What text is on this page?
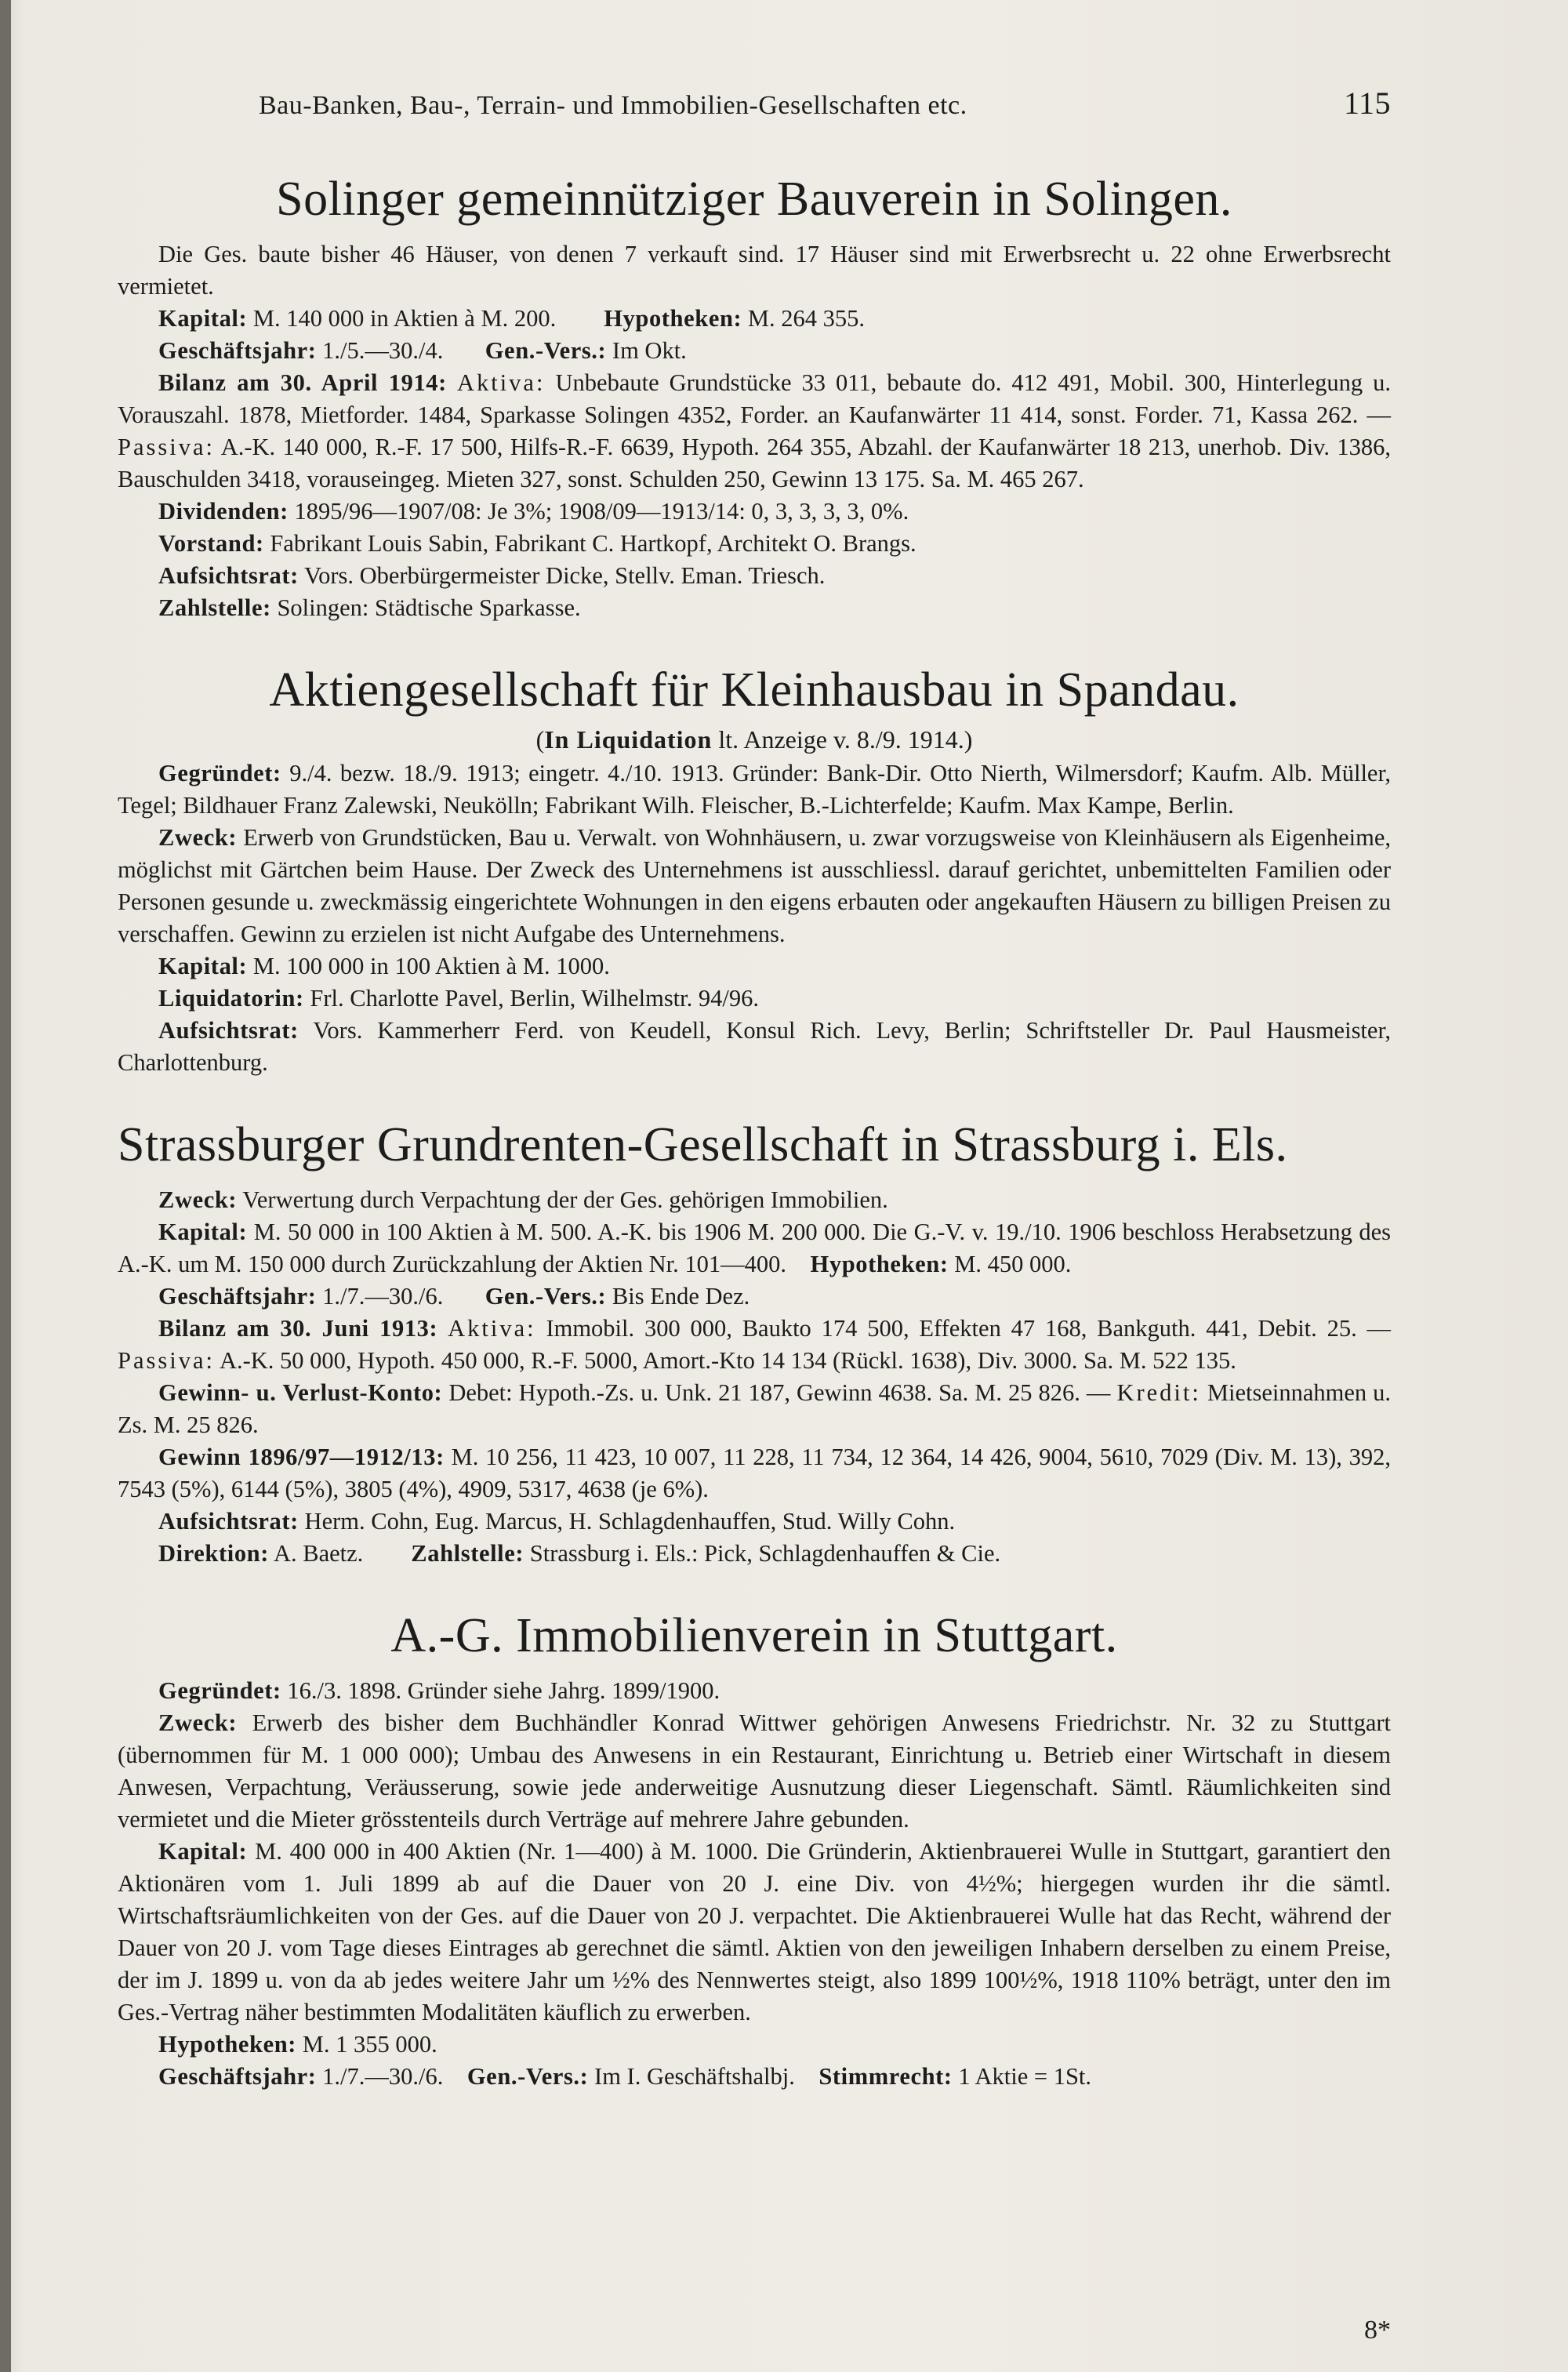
Bau-Banken, Bau-, Terrain- und Immobilien-Gesellschaften etc.	115
Solinger gemeinnütziger Bauverein in Solingen.

Die Ges. baute bisher 46 Häuser, von denen 7 verkauft sind. 17 Häuser sind mit Erwerbsrecht u. 22 ohne Erwerbsrecht vermietet.

Kapital: M. 140 000 in Aktien à M. 200. Hypotheken: M. 264 355.

Geschäftsjahr: 1./5.—30./4. Gen.-Vers.: Im Okt.

Bilanz am 30. April 1914: Aktiva: Unbebaute Grundstücke 33 011, bebaute do. 412 491, Mobil. 300, Hinterlegung u. Vorauszahl. 1878, Mietforder. 1484, Sparkasse Solingen 4352, Forder. an Kaufanwärter 11 414, sonst. Forder. 71, Kassa 262. — Passiva: A.-K. 140 000, R.-F. 17 500, Hilfs-R.-F. 6639, Hypoth. 264 355, Abzahl. der Kaufanwärter 18 213, unerhob. Div. 1386, Bauschulden 3418, vorauseingeg. Mieten 327, sonst. Schulden 250, Gewinn 13 175. Sa. M. 465 267.

Dividenden: 1895/96—1907/08: Je 3%; 1908/09—1913/14: 0, 3, 3, 3, 3, 0%.

Vorstand: Fabrikant Louis Sabin, Fabrikant C. Hartkopf, Architekt O. Brangs.

Aufsichtsrat: Vors. Oberbürgermeister Dicke, Stellv. Eman. Triesch.

Zahlstelle: Solingen: Städtische Sparkasse.

Aktiengesellschaft für Kleinhausbau in Spandau.
(In Liquidation lt. Anzeige v. 8./9. 1914.)

Gegründet: 9./4. bezw. 18./9. 1913; eingetr. 4./10. 1913. Gründer: Bank-Dir. Otto Nierth, Wilmersdorf; Kaufm. Alb. Müller, Tegel; Bildhauer Franz Zalewski, Neukölln; Fabrikant Wilh. Fleischer, B.-Lichterfelde; Kaufm. Max Kampe, Berlin.

Zweck: Erwerb von Grundstücken, Bau u. Verwalt. von Wohnhäusern, u. zwar vorzugsweise von Kleinhäusern als Eigenheime, möglichst mit Gärtchen beim Hause. Der Zweck des Unternehmens ist ausschliessl. darauf gerichtet, unbemittelten Familien oder Personen gesunde u. zweckmässig eingerichtete Wohnungen in den eigens erbauten oder angekauften Häusern zu billigen Preisen zu verschaffen. Gewinn zu erzielen ist nicht Aufgabe des Unternehmens.

Kapital: M. 100 000 in 100 Aktien à M. 1000.

Liquidatorin: Frl. Charlotte Pavel, Berlin, Wilhelmstr. 94/96.

Aufsichtsrat: Vors. Kammerherr Ferd. von Keudell, Konsul Rich. Levy, Berlin; Schriftsteller Dr. Paul Hausmeister, Charlottenburg.

Strassburger Grundrenten-Gesellschaft in Strassburg i. Els.

Zweck: Verwertung durch Verpachtung der der Ges. gehörigen Immobilien.

Kapital: M. 50 000 in 100 Aktien à M. 500. A.-K. bis 1906 M. 200 000. Die G.-V. v. 19./10. 1906 beschloss Herabsetzung des A.-K. um M. 150 000 durch Zurückzahlung der Aktien Nr. 101—400. Hypotheken: M. 450 000.

Geschäftsjahr: 1./7.—30./6. Gen.-Vers.: Bis Ende Dez.

Bilanz am 30. Juni 1913: Aktiva: Immobil. 300 000, Baukto 174 500, Effekten 47 168, Bankguth. 441, Debit. 25. — Passiva: A.-K. 50 000, Hypoth. 450 000, R.-F. 5000, Amort.-Kto 14 134 (Rückl. 1638), Div. 3000. Sa. M. 522 135.

Gewinn- u. Verlust-Konto: Debet: Hypoth.-Zs. u. Unk. 21 187, Gewinn 4638. Sa. M. 25 826. — Kredit: Mietseinnahmen u. Zs. M. 25 826.

Gewinn 1896/97—1912/13: M. 10 256, 11 423, 10 007, 11 228, 11 734, 12 364, 14 426, 9004, 5610, 7029 (Div. M. 13), 392, 7543 (5%), 6144 (5%), 3805 (4%), 4909, 5317, 4638 (je 6%).

Aufsichtsrat: Herm. Cohn, Eug. Marcus, H. Schlagdenhauffen, Stud. Willy Cohn.

Direktion: A. Baetz. Zahlstelle: Strassburg i. Els.: Pick, Schlagdenhauffen & Cie.

A.-G. Immobilienverein in Stuttgart.

Gegründet: 16./3. 1898. Gründer siehe Jahrg. 1899/1900.

Zweck: Erwerb des bisher dem Buchhändler Konrad Wittwer gehörigen Anwesens Friedrichstr. Nr. 32 zu Stuttgart (übernommen für M. 1 000 000); Umbau des Anwesens in ein Restaurant, Einrichtung u. Betrieb einer Wirtschaft in diesem Anwesen, Verpachtung, Veräusserung, sowie jede anderweitige Ausnutzung dieser Liegenschaft. Sämtl. Räumlichkeiten sind vermietet und die Mieter grösstenteils durch Verträge auf mehrere Jahre gebunden.

Kapital: M. 400 000 in 400 Aktien (Nr. 1—400) à M. 1000. Die Gründerin, Aktienbrauerei Wulle in Stuttgart, garantiert den Aktionären vom 1. Juli 1899 ab auf die Dauer von 20 J. eine Div. von 4½%; hiergegen wurden ihr die sämtl. Wirtschaftsräumlichkeiten von der Ges. auf die Dauer von 20 J. verpachtet. Die Aktienbrauerei Wulle hat das Recht, während der Dauer von 20 J. vom Tage dieses Eintrages ab gerechnet die sämtl. Aktien von den jeweiligen Inhabern derselben zu einem Preise, der im J. 1899 u. von da ab jedes weitere Jahr um ½% des Nennwertes steigt, also 1899 100½%, 1918 110% beträgt, unter den im Ges.-Vertrag näher bestimmten Modalitäten käuflich zu erwerben.

Hypotheken: M. 1 355 000.

Geschäftsjahr: 1./7.—30./6. Gen.-Vers.: Im I. Geschäftshalbj. Stimmrecht: 1 Aktie = 1St.

8*
